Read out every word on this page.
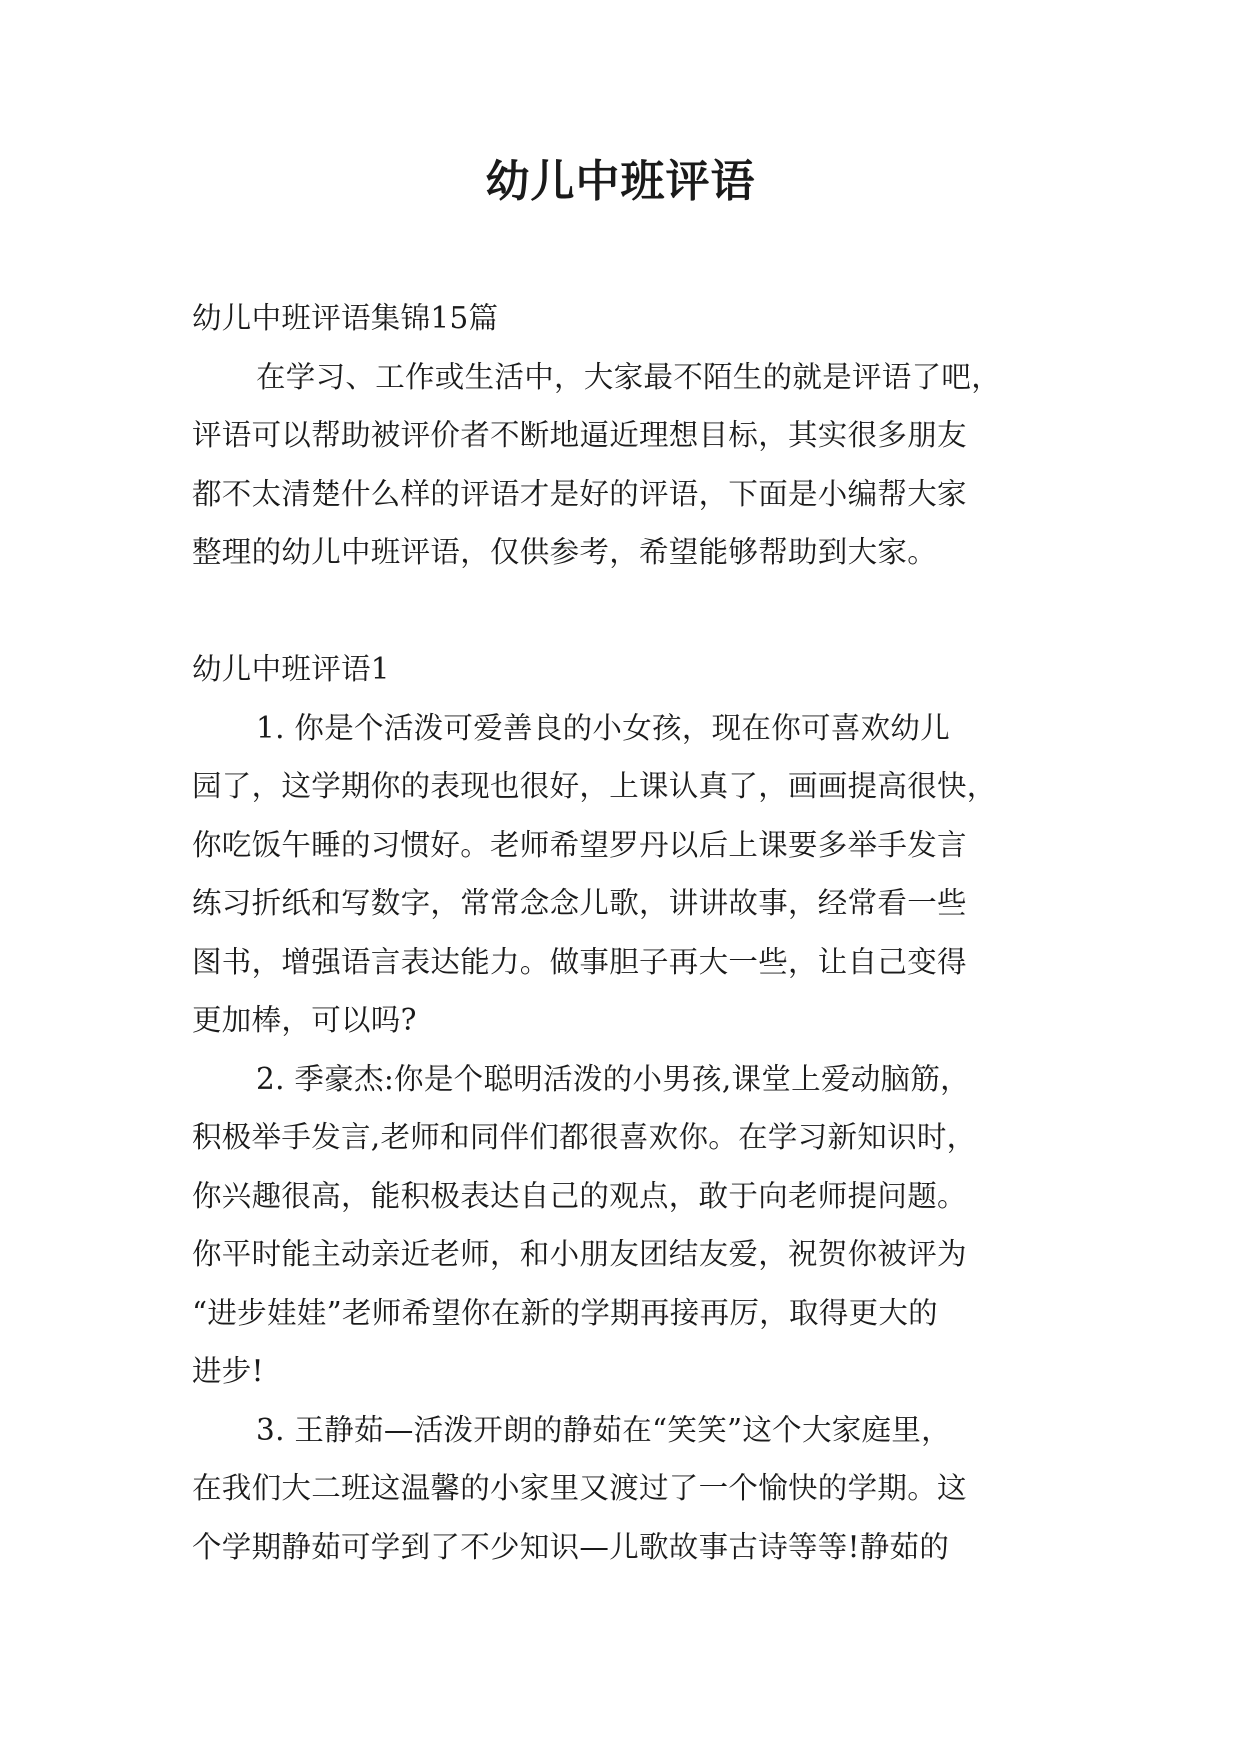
幼儿中班评语
幼儿中班评语集锦15篇
在学习、工作或生活中，大家最不陌生的就是评语了吧，
评语可以帮助被评价者不断地逼近理想目标，其实很多朋友
都不太清楚什么样的评语才是好的评语，下面是小编帮大家
整理的幼儿中班评语，仅供参考，希望能够帮助到大家。
幼儿中班评语1
1. 你是个活泼可爱善良的小女孩，现在你可喜欢幼儿
园了，这学期你的表现也很好，上课认真了，画画提高很快，
你吃饭午睡的习惯好。老师希望罗丹以后上课要多举手发言
练习折纸和写数字，常常念念儿歌，讲讲故事，经常看一些
图书，增强语言表达能力。做事胆子再大一些，让自己变得
更加棒，可以吗?
2. 季豪杰:你是个聪明活泼的小男孩,课堂上爱动脑筋，
积极举手发言,老师和同伴们都很喜欢你。在学习新知识时，
你兴趣很高，能积极表达自己的观点，敢于向老师提问题。
你平时能主动亲近老师，和小朋友团结友爱，祝贺你被评为
“进步娃娃”老师希望你在新的学期再接再厉，取得更大的
进步!
3. 王静茹—活泼开朗的静茹在“笑笑”这个大家庭里，
在我们大二班这温馨的小家里又渡过了一个愉快的学期。这
个学期静茹可学到了不少知识—儿歌故事古诗等等!静茹的
